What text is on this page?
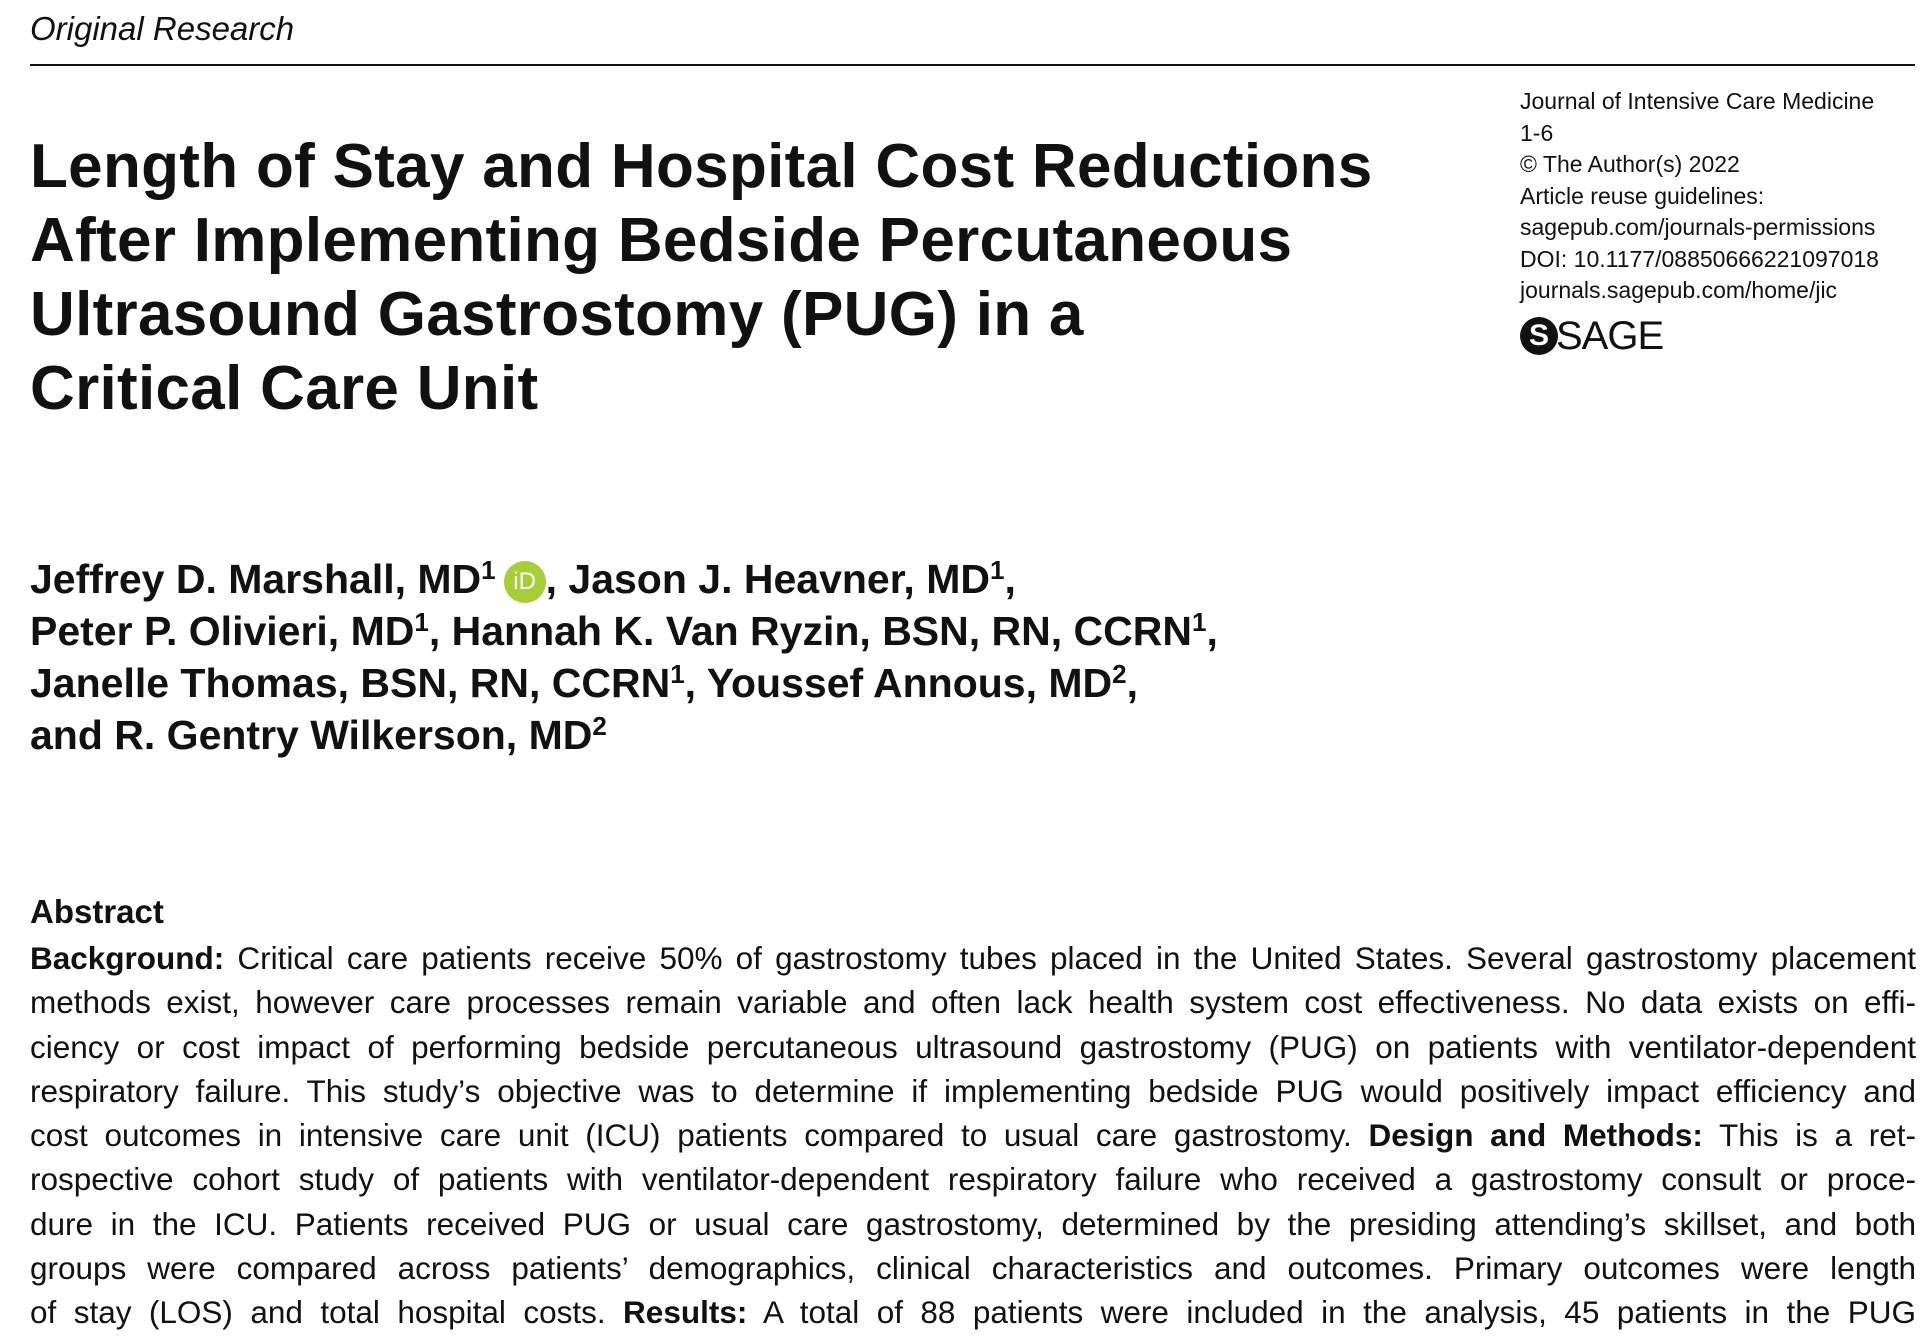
Original Research
Length of Stay and Hospital Cost Reductions
After Implementing Bedside Percutaneous
Ultrasound Gastrostomy (PUG) in a
Critical Care Unit
Journal of Intensive Care Medicine
1-6
© The Author(s) 2022
Article reuse guidelines:
sagepub.com/journals-permissions
DOI: 10.1177/08850666221097018
journals.sagepub.com/home/jic
S SAGE
Jeffrey D. Marshall, $MD^1$ iD , Jason J. Heavner, $MD^1$,
Peter P. Olivieri, $MD^1$, Hannah K. Van Ryzin, BSN, RN, CCRN$^1$,
Janelle Thomas, BSN, RN, CCRN$^1$, Youssef Annous, $MD^2$,
and R. Gentry Wilkerson, $MD^2$
Abstract
Background: Critical care patients receive 50% of gastrostomy tubes placed in the United States. Several gastrostomy placement
methods exist, however care processes remain variable and often lack health system cost effectiveness. No data exists on effi-
ciency or cost impact of performing bedside percutaneous ultrasound gastrostomy (PUG) on patients with ventilator-dependent
respiratory failure. This study’s objective was to determine if implementing bedside PUG would positively impact efficiency and
cost outcomes in intensive care unit (ICU) patients compared to usual care gastrostomy. Design and Methods: This is a ret-
rospective cohort study of patients with ventilator-dependent respiratory failure who received a gastrostomy consult or proce-
dure in the ICU. Patients received PUG or usual care gastrostomy, determined by the presiding attending’s skillset, and both
groups were compared across patients’ demographics, clinical characteristics and outcomes. Primary outcomes were length
of stay (LOS) and total hospital costs. Results: A total of 88 patients were included in the analysis, 45 patients in the PUG
